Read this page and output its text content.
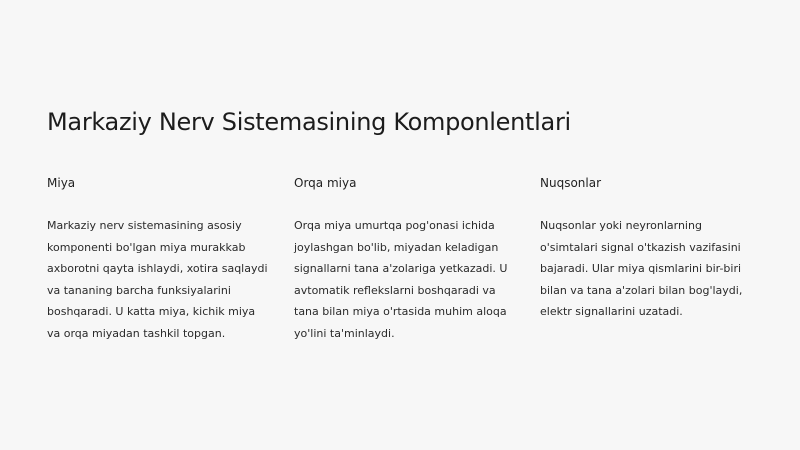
Markaziy Nerv Sistemasining Komponlentlari
Miya

Markaziy nerv sistemasining asosiy komponenti bo'lgan miya murakkab axborotni qayta ishlaydi, xotira saqlaydi va tananing barcha funksiyalarini boshqaradi. U katta miya, kichik miya va orqa miyadan tashkil topgan.

Orqa miya

Orqa miya umurtqa pog'onasi ichida joylashgan bo'lib, miyadan keladigan signallarni tana a'zolariga yetkazadi. U avtomatik reflekslarni boshqaradi va tana bilan miya o'rtasida muhim aloqa yo'lini ta'minlaydi.

Nuqsonlar

Nuqsonlar yoki neyronlarning o'simtalari signal o'tkazish vazifasini bajaradi. Ular miya qismlarini bir-biri bilan va tana a'zolari bilan bog'laydi, elektr signallarini uzatadi.
